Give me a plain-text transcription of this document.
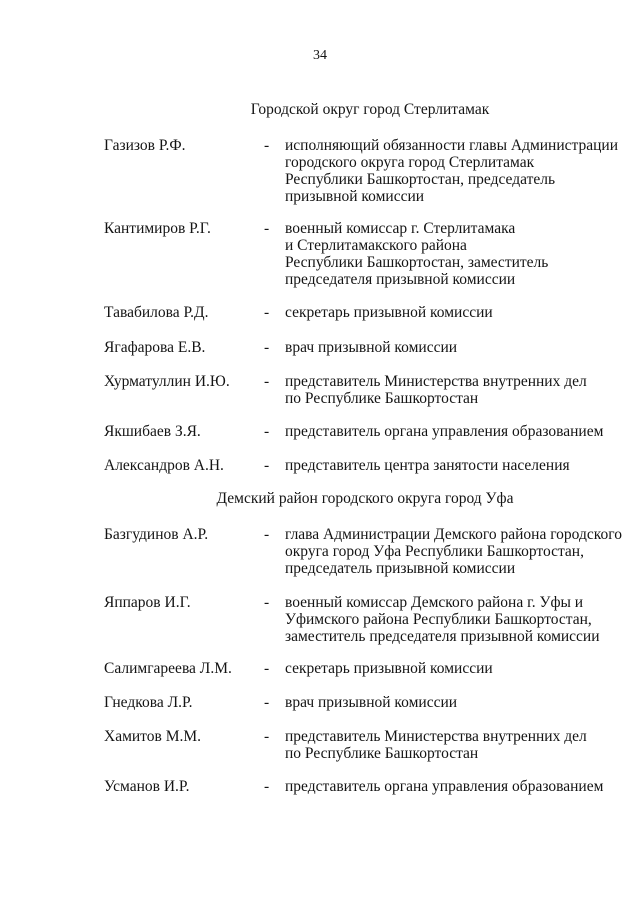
34
Городской округ город Стерлитамак
Газизов Р.Ф.	- исполняющий обязанности главы Администрации
городского округа город Стерлитамак
Республики Башкортостан, председатель
призывной комиссии
Кантимиров Р.Г.	- военный комиссар г. Стерлитамака
и Стерлитамакского района
Республики Башкортостан, заместитель
председателя призывной комиссии
Тавабилова Р.Д.	- секретарь призывной комиссии
Ягафарова Е.В.	- врач призывной комиссии
Хурматуллин И.Ю. - представитель Министерства внутренних дел
по Республике Башкортостан
Якшибаев З.Я.	- представитель органа управления образованием
Александров А.Н.	- представитель центра занятости населения
Демский район городского округа город Уфа
Базгудинов А.Р.	- глава Администрации Демского района городского
округа город Уфа Республики Башкортостан,
председатель призывной комиссии
Яппаров И.Г.	- военный комиссар Демского района г. Уфы и
Уфимского района Республики Башкортостан,
заместитель председателя призывной комиссии
Салимгареева Л.М. - секретарь призывной комиссии
Гнедкова Л.Р.	- врач призывной комиссии
Хамитов М.М.	- представитель Министерства внутренних дел
по Республике Башкортостан
Усманов И.Р.	- представитель органа управления образованием
